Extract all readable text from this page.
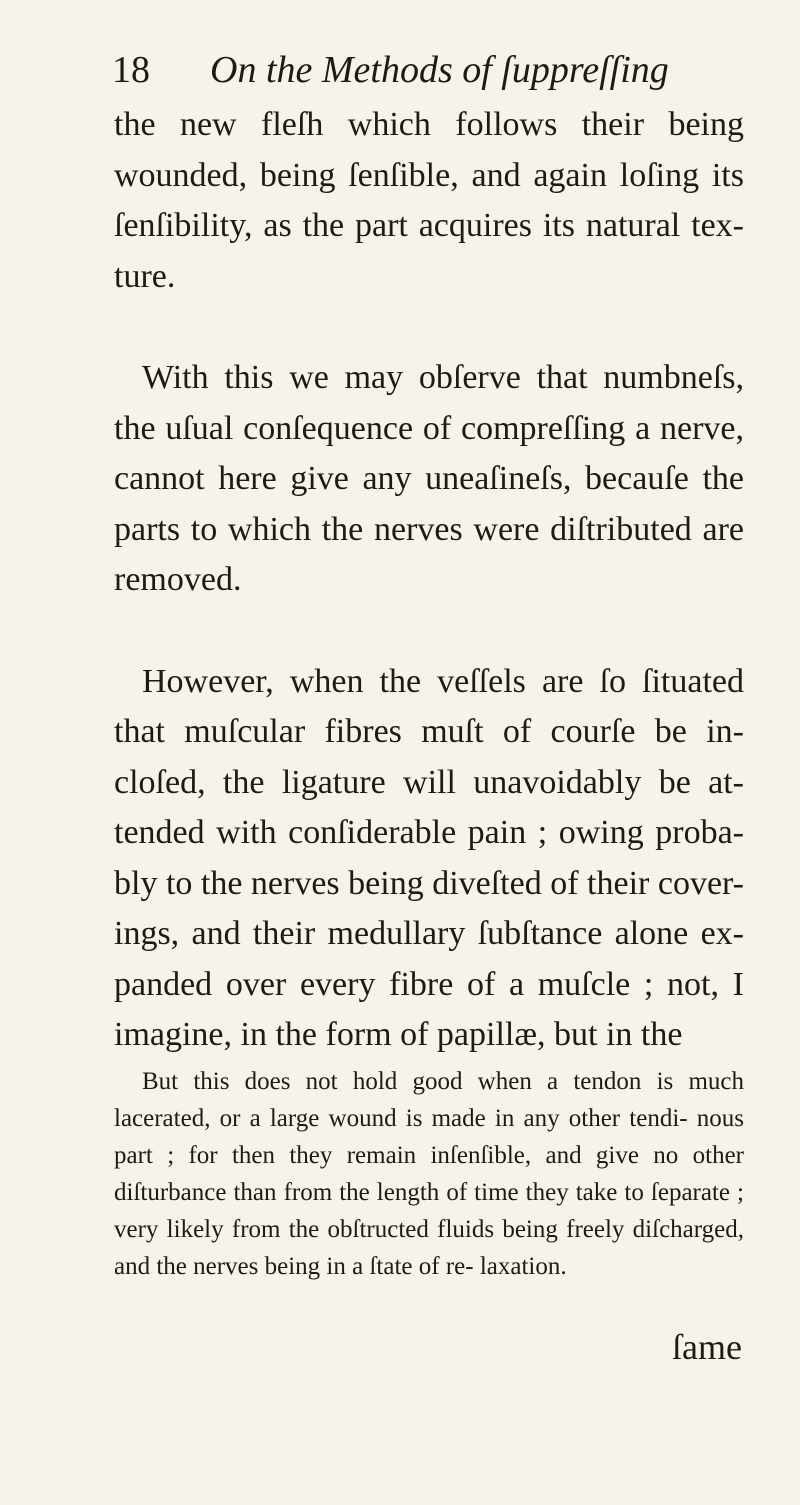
18 On the Methods of ſuppreſſing

the new fleſh which follows their being wounded, being ſenſible, and again loſing its ſenſibility, as the part acquires its natural tex- ture.

With this we may obſerve that numbneſs, the uſual conſequence of compreſſing a nerve, cannot here give any uneaſineſs, becauſe the parts to which the nerves were diſtributed are removed.

However, when the veſſels are ſo ſituated that muſcular fibres muſt of courſe be in- cloſed, the ligature will unavoidably be at- tended with conſiderable pain ; owing proba- bly to the nerves being diveſted of their cover- ings, and their medullary ſubſtance alone ex- panded over every fibre of a muſcle ; not, I imagine, in the form of papillæ, but in the

But this does not hold good when a tendon is much lacerated, or a large wound is made in any other tendi- nous part ; for then they remain inſenſible, and give no other diſturbance than from the length of time they take to ſeparate ; very likely from the obſtructed fluids being freely diſcharged, and the nerves being in a ſtate of re- laxation.

ſame
